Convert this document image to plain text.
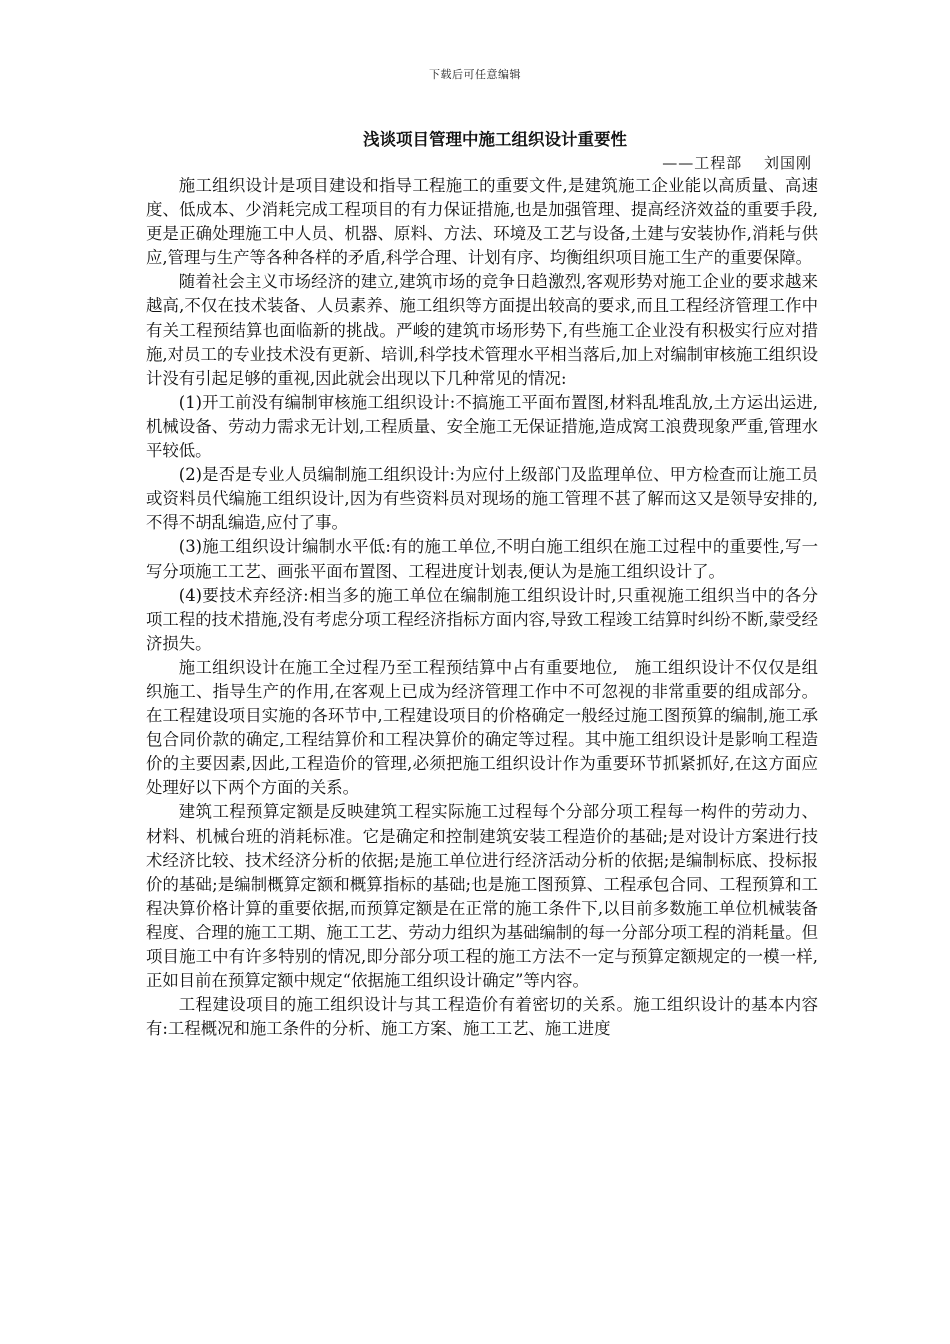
下载后可任意编辑
浅谈项目管理中施工组织设计重要性
——工程部　 刘国刚

施工组织设计是项目建设和指导工程施工的重要文件,是建筑施工企业能以高质量、高速度、低成本、少消耗完成工程项目的有力保证措施,也是加强管理、提高经济效益的重要手段,更是正确处理施工中人员、机器、原料、方法、环境及工艺与设备,土建与安装协作,消耗与供应,管理与生产等各种各样的矛盾,科学合理、计划有序、均衡组织项目施工生产的重要保障。

随着社会主义市场经济的建立,建筑市场的竞争日趋激烈,客观形势对施工企业的要求越来越高,不仅在技术装备、人员素养、施工组织等方面提出较高的要求,而且工程经济管理工作中有关工程预结算也面临新的挑战。严峻的建筑市场形势下,有些施工企业没有积极实行应对措施,对员工的专业技术没有更新、培训,科学技术管理水平相当落后,加上对编制审核施工组织设计没有引起足够的重视,因此就会出现以下几种常见的情况:

(1)开工前没有编制审核施工组织设计:不搞施工平面布置图,材料乱堆乱放,土方运出运进,机械设备、劳动力需求无计划,工程质量、安全施工无保证措施,造成窝工浪费现象严重,管理水平较低。

(2)是否是专业人员编制施工组织设计:为应付上级部门及监理单位、甲方检查而让施工员或资料员代编施工组织设计,因为有些资料员对现场的施工管理不甚了解而这又是领导安排的,不得不胡乱编造,应付了事。

(3)施工组织设计编制水平低:有的施工单位,不明白施工组织在施工过程中的重要性,写一写分项施工工艺、画张平面布置图、工程进度计划表,便认为是施工组织设计了。

(4)要技术弃经济:相当多的施工单位在编制施工组织设计时,只重视施工组织当中的各分项工程的技术措施,没有考虑分项工程经济指标方面内容,导致工程竣工结算时纠纷不断,蒙受经济损失。

施工组织设计在施工全过程乃至工程预结算中占有重要地位,　施工组织设计不仅仅是组织施工、指导生产的作用,在客观上已成为经济管理工作中不可忽视的非常重要的组成部分。在工程建设项目实施的各环节中,工程建设项目的价格确定一般经过施工图预算的编制,施工承包合同价款的确定,工程结算价和工程决算价的确定等过程。其中施工组织设计是影响工程造价的主要因素,因此,工程造价的管理,必须把施工组织设计作为重要环节抓紧抓好,在这方面应处理好以下两个方面的关系。

建筑工程预算定额是反映建筑工程实际施工过程每个分部分项工程每一构件的劳动力、材料、机械台班的消耗标准。它是确定和控制建筑安装工程造价的基础;是对设计方案进行技术经济比较、技术经济分析的依据;是施工单位进行经济活动分析的依据;是编制标底、投标报价的基础;是编制概算定额和概算指标的基础;也是施工图预算、工程承包合同、工程预算和工程决算价格计算的重要依据,而预算定额是在正常的施工条件下,以目前多数施工单位机械装备程度、合理的施工工期、施工工艺、劳动力组织为基础编制的每一分部分项工程的消耗量。但项目施工中有许多特别的情况,即分部分项工程的施工方法不一定与预算定额规定的一模一样,正如目前在预算定额中规定“依据施工组织设计确定”等内容。

工程建设项目的施工组织设计与其工程造价有着密切的关系。施工组织设计的基本内容有:工程概况和施工条件的分析、施工方案、施工工艺、施工进度
